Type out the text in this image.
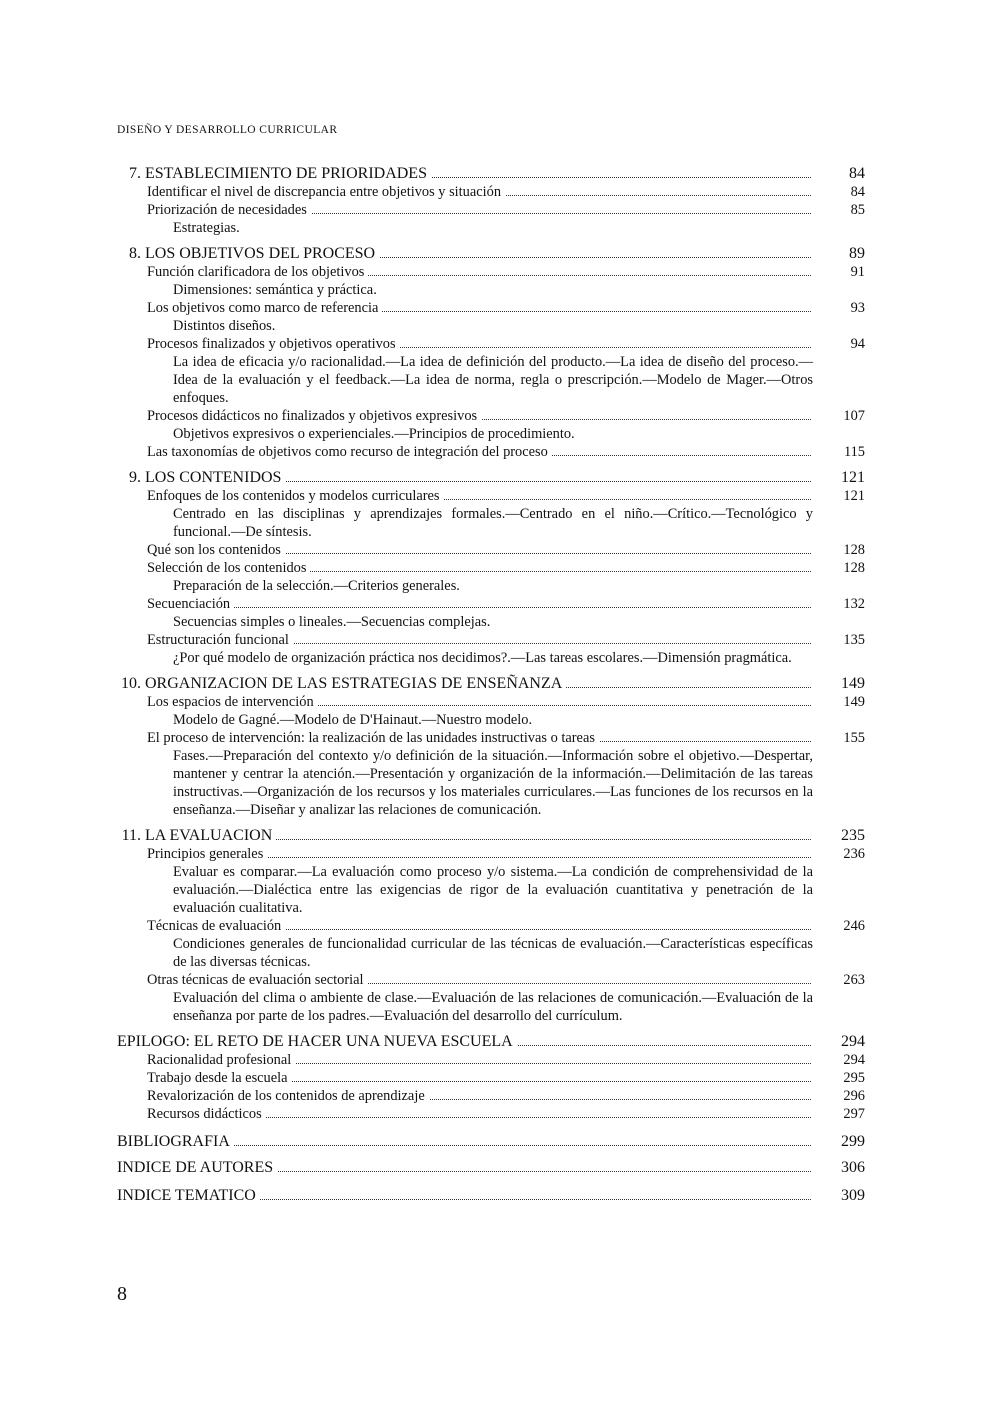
DISEÑO Y DESARROLLO CURRICULAR
7. ESTABLECIMIENTO DE PRIORIDADES	84
Identificar el nivel de discrepancia entre objetivos y situación	84
Priorización de necesidades	85
Estrategias.
8. LOS OBJETIVOS DEL PROCESO	89
Función clarificadora de los objetivos	91
Dimensiones: semántica y práctica.
Los objetivos como marco de referencia	93
Distintos diseños.
Procesos finalizados y objetivos operativos	94
La idea de eficacia y/o racionalidad.—La idea de definición del producto.—La idea de diseño del proceso.—Idea de la evaluación y el feedback.—La idea de norma, regla o prescripción.—Modelo de Mager.—Otros enfoques.
Procesos didácticos no finalizados y objetivos expresivos	107
Objetivos expresivos o experienciales.—Principios de procedimiento.
Las taxonomías de objetivos como recurso de integración del proceso	115
9. LOS CONTENIDOS	121
Enfoques de los contenidos y modelos curriculares	121
Centrado en las disciplinas y aprendizajes formales.—Centrado en el niño.—Crítico.—Tecnológico y funcional.—De síntesis.
Qué son los contenidos	128
Selección de los contenidos	128
Preparación de la selección.—Criterios generales.
Secuenciación	132
Secuencias simples o lineales.—Secuencias complejas.
Estructuración funcional	135
¿Por qué modelo de organización práctica nos decidimos?.—Las tareas escolares.—Dimensión pragmática.
10. ORGANIZACION DE LAS ESTRATEGIAS DE ENSEÑANZA	149
Los espacios de intervención	149
Modelo de Gagné.—Modelo de D'Hainaut.—Nuestro modelo.
El proceso de intervención: la realización de las unidades instructivas o tareas	155
Fases.—Preparación del contexto y/o definición de la situación.—Información sobre el objetivo.—Despertar, mantener y centrar la atención.—Presentación y organización de la información.—Delimitación de las tareas instructivas.—Organización de los recursos y los materiales curriculares.—Las funciones de los recursos en la enseñanza.—Diseñar y analizar las relaciones de comunicación.
11. LA EVALUACION	235
Principios generales	236
Evaluar es comparar.—La evaluación como proceso y/o sistema.—La condición de comprehensividad de la evaluación.—Dialéctica entre las exigencias de rigor de la evaluación cuantitativa y penetración de la evaluación cualitativa.
Técnicas de evaluación	246
Condiciones generales de funcionalidad curricular de las técnicas de evaluación.—Características específicas de las diversas técnicas.
Otras técnicas de evaluación sectorial	263
Evaluación del clima o ambiente de clase.—Evaluación de las relaciones de comunicación.—Evaluación de la enseñanza por parte de los padres.—Evaluación del desarrollo del currículum.
EPILOGO: EL RETO DE HACER UNA NUEVA ESCUELA	294
Racionalidad profesional	294
Trabajo desde la escuela	295
Revalorización de los contenidos de aprendizaje	296
Recursos didácticos	297
BIBLIOGRAFIA	299
INDICE DE AUTORES	306
INDICE TEMATICO	309
8
